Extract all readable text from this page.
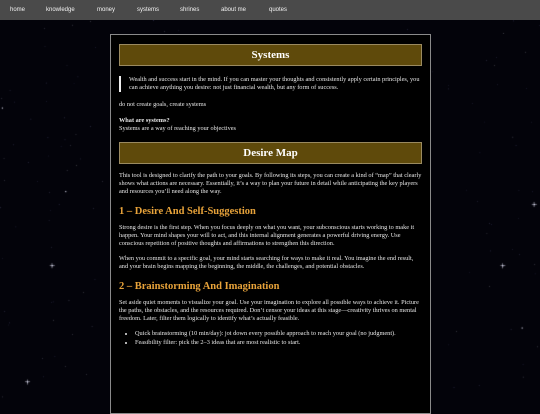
home	knowledge	money	systems	shrines	about me	quotes
Systems
Wealth and success start in the mind. If you can master your thoughts and consistently apply certain principles, you can achieve anything you desire: not just financial wealth, but any form of success.

do not create goals, create systems

What are systems?

Systems are a way of reaching your objectives

Desire Map

This tool is designed to clarify the path to your goals. By following its steps, you can create a kind of “map” that clearly shows what actions are necessary. Essentially, it’s a way to plan your future in detail while anticipating the key players and resources you’ll need along the way.

1 – Desire And Self-Suggestion

Strong desire is the first step. When you focus deeply on what you want, your subconscious starts working to make it happen. Your mind shapes your will to act, and this internal alignment generates a powerful driving energy. Use conscious repetition of positive thoughts and affirmations to strengthen this direction.

When you commit to a specific goal, your mind starts searching for ways to make it real. You imagine the end result, and your brain begins mapping the beginning, the middle, the challenges, and potential obstacles.

2 – Brainstorming And Imagination

Set aside quiet moments to visualize your goal. Use your imagination to explore all possible ways to achieve it. Picture the paths, the obstacles, and the resources required. Don’t censor your ideas at this stage—creativity thrives on mental freedom. Later, filter them logically to identify what’s actually feasible.

• Quick brainstorming (10 min/day): jot down every possible approach to reach your goal (no judgment).
• Feasibility filter: pick the 2–3 ideas that are most realistic to start.
